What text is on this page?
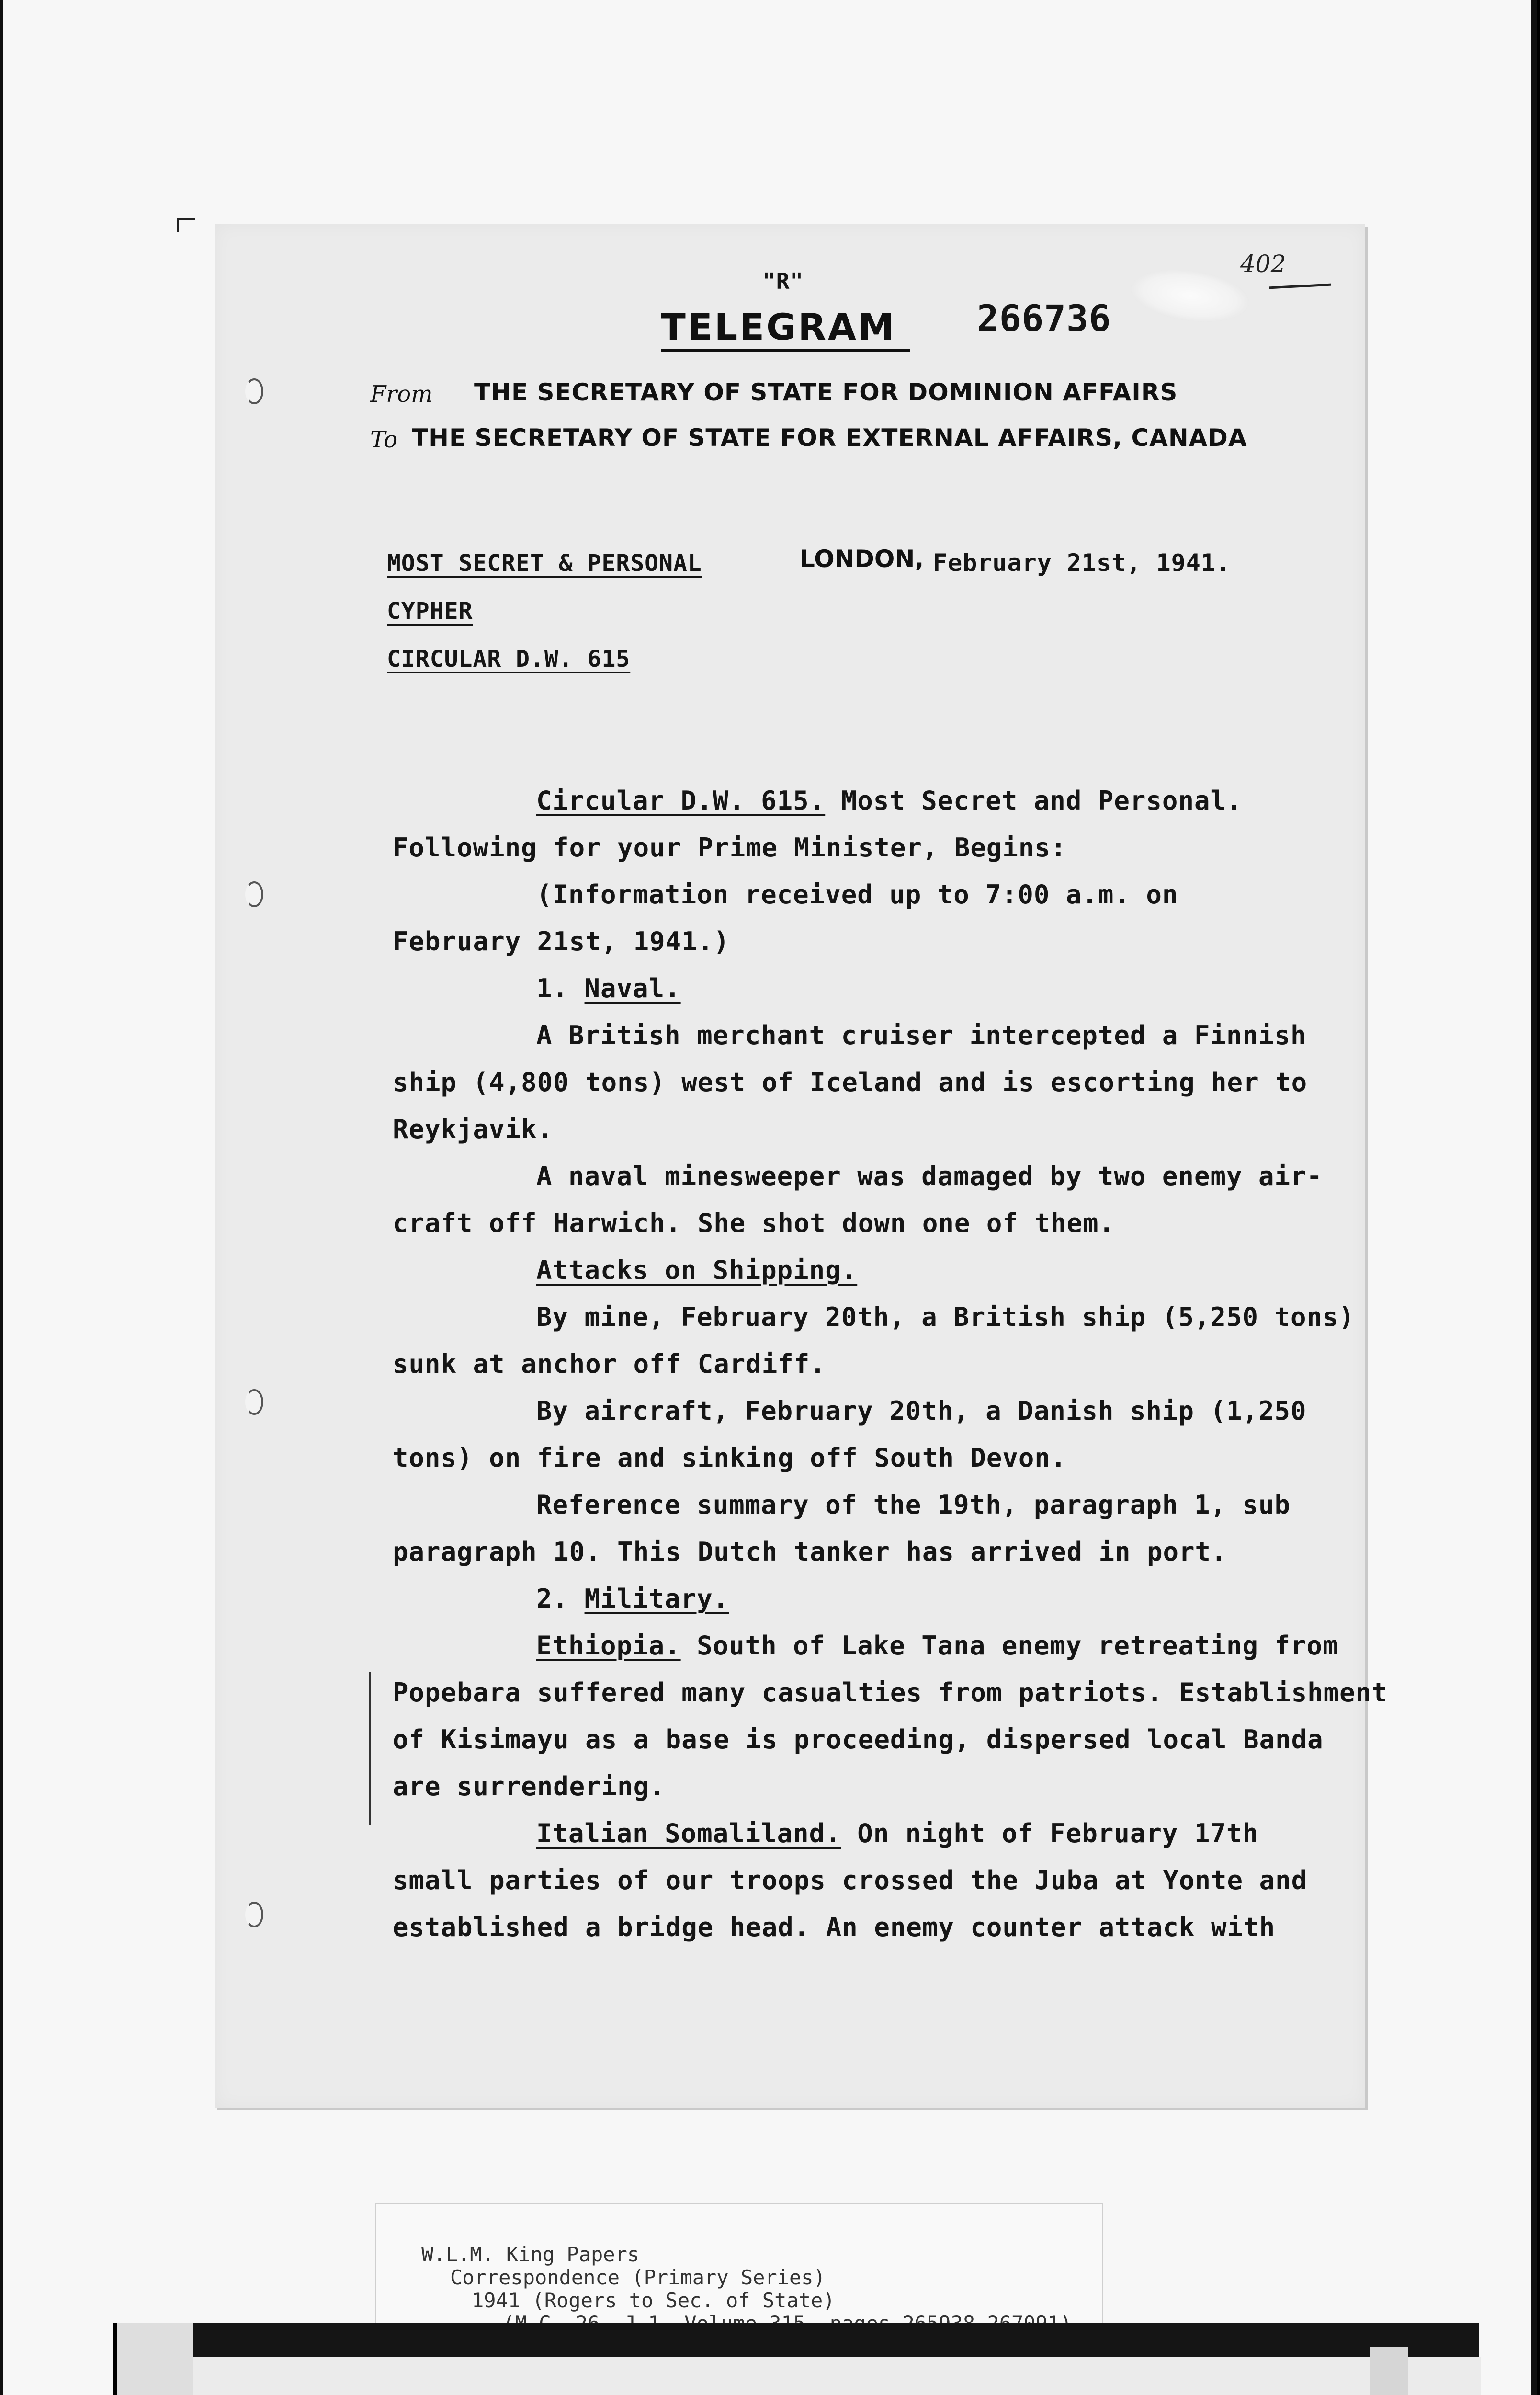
402
"R"
TELEGRAM 266736
From THE SECRETARY OF STATE FOR DOMINION AFFAIRS
To THE SECRETARY OF STATE FOR EXTERNAL AFFAIRS, CANADA
LONDON, February 21st, 1941.
MOST SECRET & PERSONAL
CYPHER
CIRCULAR D.W. 615
Circular D.W. 615. Most Secret and Personal.
Following for your Prime Minister, Begins:
(Information received up to 7:00 a.m. on
February 21st, 1941.)
1. Naval.
A British merchant cruiser intercepted a Finnish
ship (4,800 tons) west of Iceland and is escorting her to
Reykjavik.
A naval minesweeper was damaged by two enemy air-
craft off Harwich. She shot down one of them.
Attacks on Shipping.
By mine, February 20th, a British ship (5,250 tons)
sunk at anchor off Cardiff.
By aircraft, February 20th, a Danish ship (1,250
tons) on fire and sinking off South Devon.
Reference summary of the 19th, paragraph 1, sub
paragraph 10. This Dutch tanker has arrived in port.
2. Military.
Ethiopia. South of Lake Tana enemy retreating from
Popebara suffered many casualties from patriots. Establishment
of Kisimayu as a base is proceeding, dispersed local Banda
are surrendering.
Italian Somaliland. On night of February 17th
small parties of our troops crossed the Juba at Yonte and
established a bridge head. An enemy counter attack with
W.L.M. King Papers
Correspondence (Primary Series)
1941 (Rogers to Sec. of State)
